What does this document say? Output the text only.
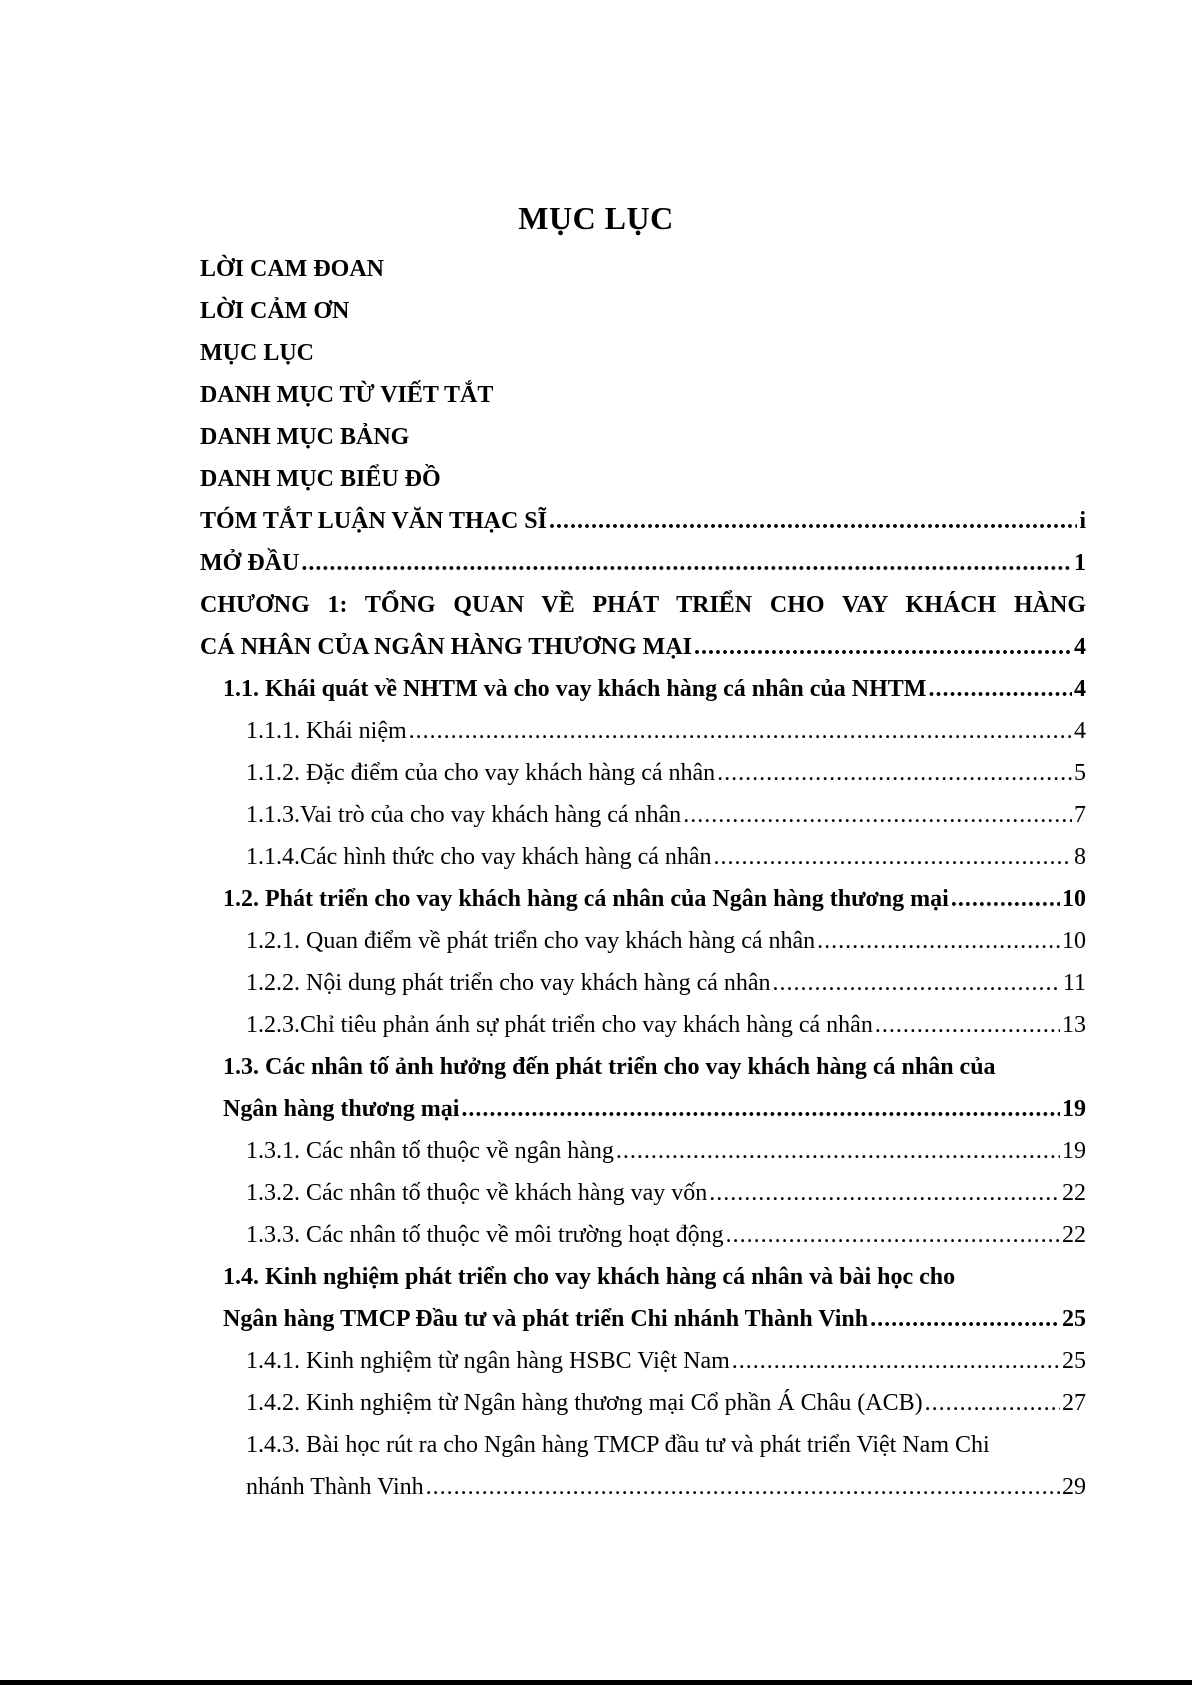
MỤC LỤC
LỜI CAM ĐOAN
LỜI CẢM ƠN
MỤC LỤC
DANH MỤC TỪ VIẾT TẮT
DANH MỤC BẢNG
DANH MỤC BIỂU ĐỒ
TÓM TẮT LUẬN VĂN THẠC SĨ .....	i
MỞ ĐẦU .....	1
CHƯƠNG 1: TỔNG QUAN VỀ PHÁT TRIỂN CHO VAY KHÁCH HÀNG
CÁ NHÂN CỦA NGÂN HÀNG THƯƠNG MẠI .....	4
1.1. Khái quát về NHTM và cho vay khách hàng cá nhân của NHTM .....	4
1.1.1. Khái niệm .....	4
1.1.2. Đặc điểm của cho vay khách hàng cá nhân .....	5
1.1.3.Vai trò của cho vay khách hàng cá nhân .....	7
1.1.4.Các hình thức cho vay khách hàng cá nhân .....	8
1.2. Phát triển cho vay khách hàng cá nhân của Ngân hàng thương mại .....	10
1.2.1. Quan điểm về phát triển cho vay khách hàng cá nhân .....	10
1.2.2. Nội dung phát triển cho vay khách hàng cá nhân .....	11
1.2.3.Chỉ tiêu phản ánh sự phát triển cho vay khách hàng cá nhân .....	13
1.3. Các nhân tố ảnh hưởng đến phát triển cho vay khách hàng cá nhân của
Ngân hàng thương mại .....	19
1.3.1. Các nhân tố thuộc về ngân hàng .....	19
1.3.2. Các nhân tố thuộc về khách hàng vay vốn .....	22
1.3.3. Các nhân tố thuộc về môi trường hoạt động .....	22
1.4. Kinh nghiệm phát triển cho vay khách hàng cá nhân và bài học cho
Ngân hàng TMCP Đầu tư và phát triển Chi nhánh Thành Vinh .....	25
1.4.1. Kinh nghiệm từ ngân hàng HSBC Việt Nam .....	25
1.4.2. Kinh nghiệm từ Ngân hàng thương mại Cổ phần Á Châu (ACB) .....	27
1.4.3. Bài học rút ra cho Ngân hàng TMCP đầu tư và phát triển Việt Nam Chi
nhánh Thành Vinh .....	29
